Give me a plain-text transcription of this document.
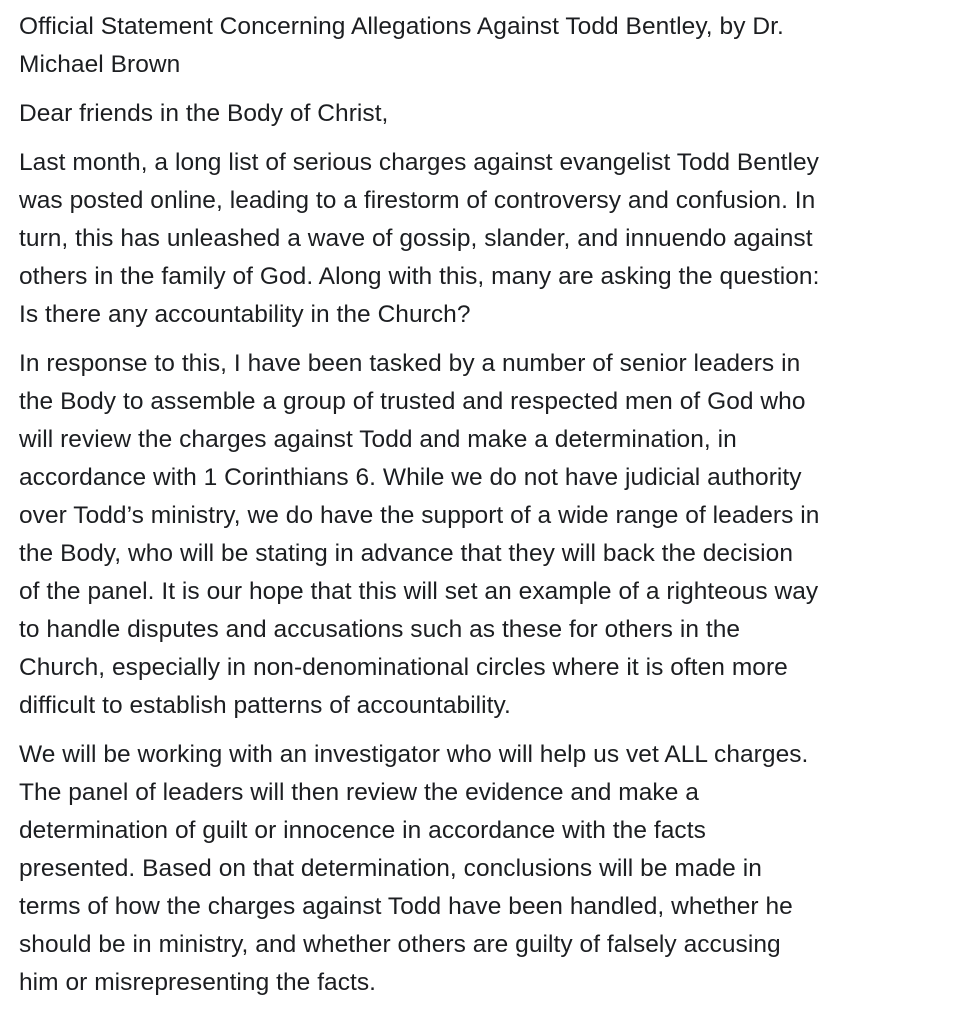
Official Statement Concerning Allegations Against Todd Bentley, by Dr.
Michael Brown

Dear friends in the Body of Christ,

Last month, a long list of serious charges against evangelist Todd Bentley
was posted online, leading to a firestorm of controversy and confusion. In
turn, this has unleashed a wave of gossip, slander, and innuendo against
others in the family of God. Along with this, many are asking the question:
Is there any accountability in the Church?

In response to this, I have been tasked by a number of senior leaders in
the Body to assemble a group of trusted and respected men of God who
will review the charges against Todd and make a determination, in
accordance with 1 Corinthians 6. While we do not have judicial authority
over Todd’s ministry, we do have the support of a wide range of leaders in
the Body, who will be stating in advance that they will back the decision
of the panel. It is our hope that this will set an example of a righteous way
to handle disputes and accusations such as these for others in the
Church, especially in non-denominational circles where it is often more
difficult to establish patterns of accountability.

We will be working with an investigator who will help us vet ALL charges.
The panel of leaders will then review the evidence and make a
determination of guilt or innocence in accordance with the facts
presented. Based on that determination, conclusions will be made in
terms of how the charges against Todd have been handled, whether he
should be in ministry, and whether others are guilty of falsely accusing
him or misrepresenting the facts.
